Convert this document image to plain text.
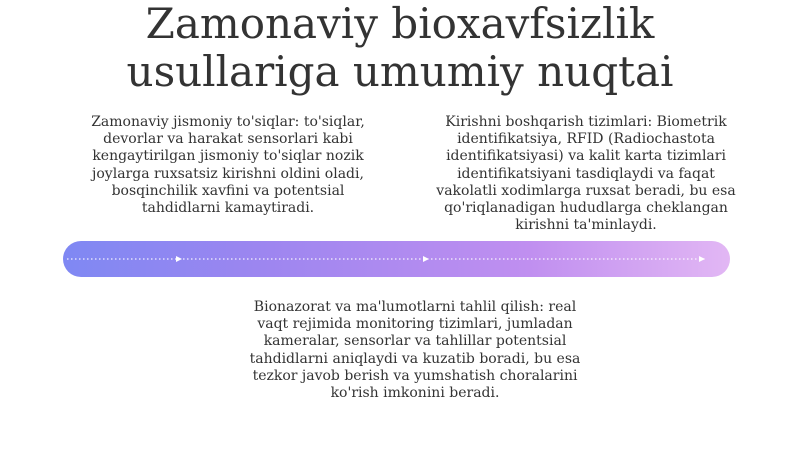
Zamonaviy bioxavfsizlik usullariga umumiy nuqtai

Zamonaviy jismoniy to'siqlar: to'siqlar, devorlar va harakat sensorlari kabi kengaytirilgan jismoniy to'siqlar nozik joylarga ruxsatsiz kirishni oldini oladi, bosqinchilik xavfini va potentsial tahdidlarni kamaytiradi.

Kirishni boshqarish tizimlari: Biometrik identifikatsiya, RFID (Radiochastota identifikatsiyasi) va kalit karta tizimlari identifikatsiyani tasdiqlaydi va faqat vakolatli xodimlarga ruxsat beradi, bu esa qo'riqlanadigan hududlarga cheklangan kirishni ta'minlaydi.

Bionazorat va ma'lumotlarni tahlil qilish: real vaqt rejimida monitoring tizimlari, jumladan kameralar, sensorlar va tahlillar potentsial tahdidlarni aniqlaydi va kuzatib boradi, bu esa tezkor javob berish va yumshatish choralarini ko'rish imkonini beradi.
